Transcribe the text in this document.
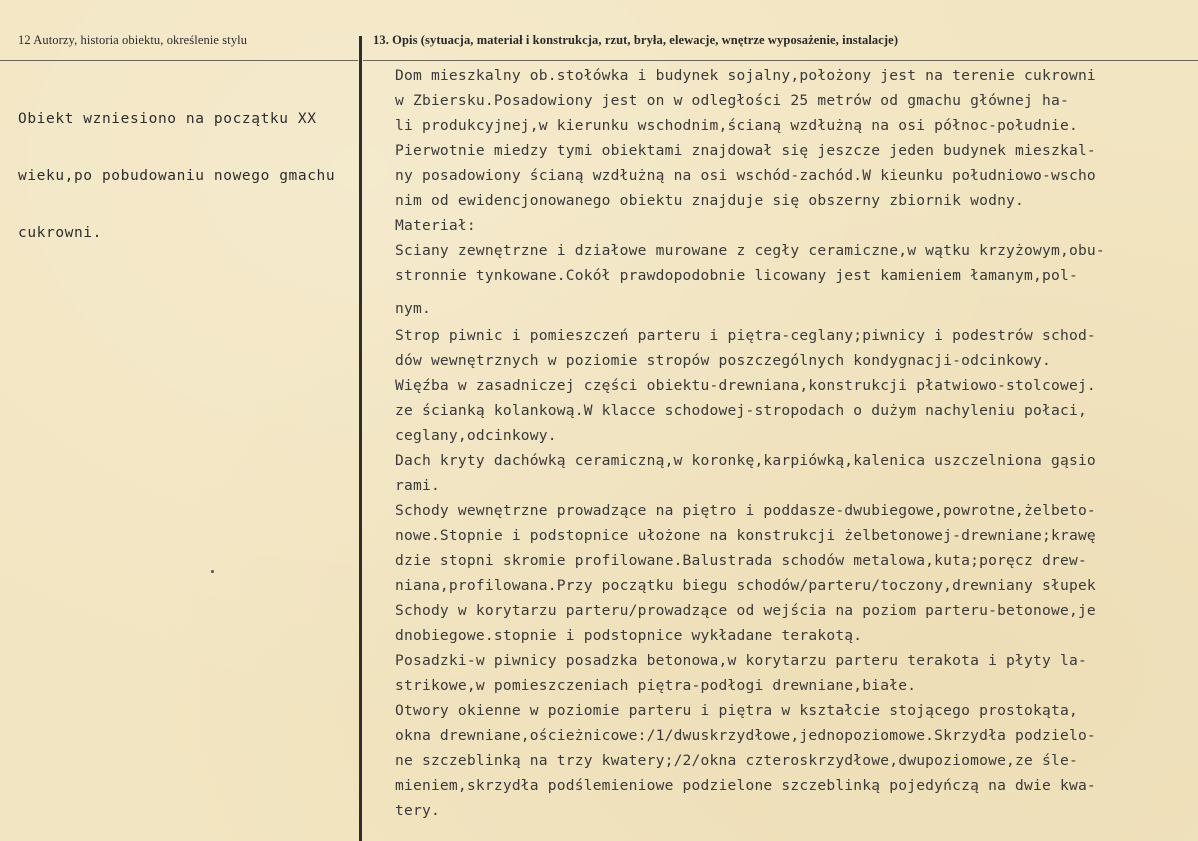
12 Autorzy, historia obiektu, określenie stylu

Obiekt wzniesiono na początku XX

wieku,po pobudowaniu nowego gmachu

cukrowni.

13. Opis (sytuacja, materiał i konstrukcja, rzut, bryła, elewacje, wnętrze wyposażenie, instalacje)

Dom mieszkalny ob.stołówka i budynek sojalny,położony jest na terenie cukrowni

w Zbiersku.Posadowiony jest on w odległości 25 metrów od gmachu głównej ha-

li produkcyjnej,w kierunku wschodnim,ścianą wzdłużną na osi północ-południe.

Pierwotnie miedzy tymi obiektami znajdował się jeszcze jeden budynek mieszkal-

ny posadowiony ścianą wzdłużną na osi wschód-zachód.W kieunku południowo-wscho

nim od ewidencjonowanego obiektu znajduje się obszerny zbiornik wodny.

Materiał:

Sciany zewnętrzne i działowe murowane z cegły ceramiczne,w wątku krzyżowym,obu-

stronnie tynkowane.Cokół prawdopodobnie licowany jest kamieniem łamanym,pol-

nym.

Strop piwnic i pomieszczeń parteru i piętra-ceglany;piwnicy i podestrów schod-

dów wewnętrznych w poziomie stropów poszczególnych kondygnacji-odcinkowy.

Więźba w zasadniczej części obiektu-drewniana,konstrukcji płatwiowo-stolcowej.

ze ścianką kolankową.W klacce schodowej-stropodach o dużym nachyleniu połaci,

ceglany,odcinkowy.

Dach kryty dachówką ceramiczną,w koronkę,karpiówką,kalenica uszczelniona gąsio

rami.

Schody wewnętrzne prowadzące na piętro i poddasze-dwubiegowe,powrotne,żelbeto-

nowe.Stopnie i podstopnice ułożone na konstrukcji żelbetonowej-drewniane;krawę

dzie stopni skromie profilowane.Balustrada schodów metalowa,kuta;poręcz drew-

niana,profilowana.Przy początku biegu schodów/parteru/toczony,drewniany słupek

Schody w korytarzu parteru/prowadzące od wejścia na poziom parteru-betonowe,je

dnobiegowe.stopnie i podstopnice wykładane terakotą.

Posadzki-w piwnicy posadzka betonowa,w korytarzu parteru terakota i płyty la-

strikowe,w pomieszczeniach piętra-podłogi drewniane,białe.

Otwory okienne w poziomie parteru i piętra w kształcie stojącego prostokąta,

okna drewniane,ościeżnicowe:/1/dwuskrzydłowe,jednopoziomowe.Skrzydła podzielo-

ne szczeblinką na trzy kwatery;/2/okna czteroskrzydłowe,dwupoziomowe,ze śle-

mieniem,skrzydła podślemieniowe podzielone szczeblinką pojedyńczą na dwie kwa-

tery.
